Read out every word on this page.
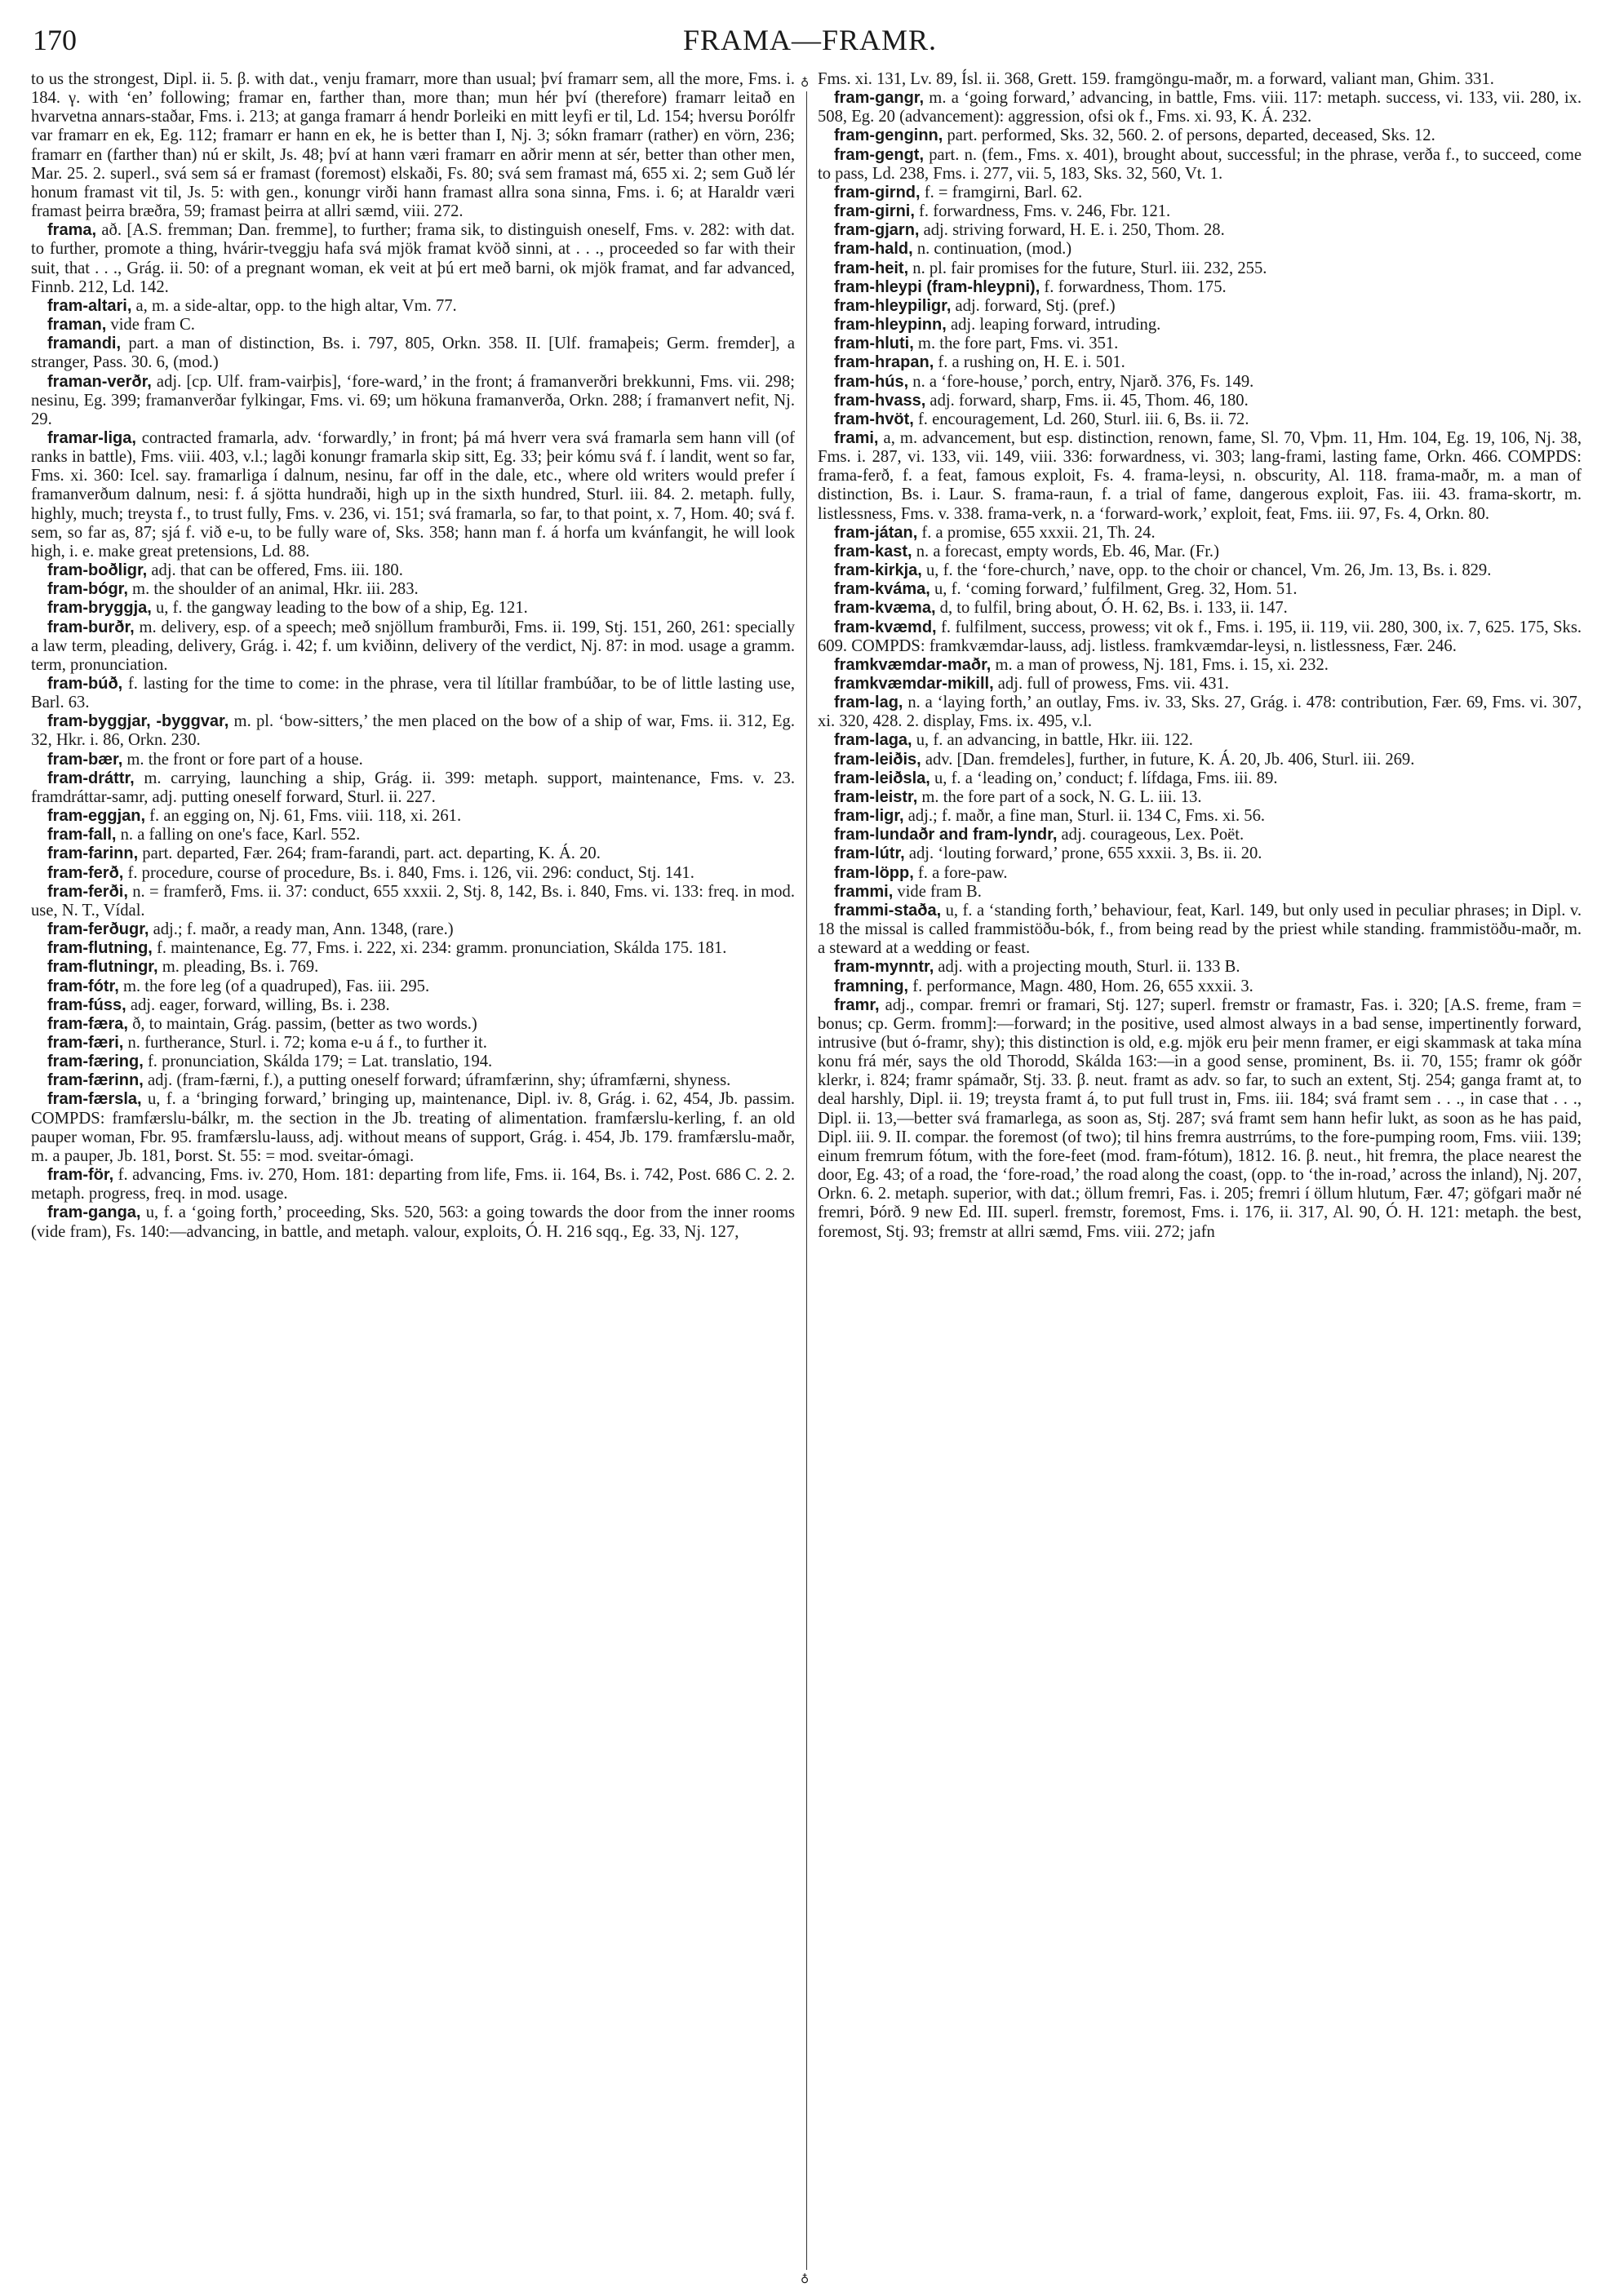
170	FRAMA—FRAMR.

to us the strongest, Dipl. ii. 5. β. with dat., venju framarr, more than usual; því framarr sem, all the more, Fms. i. 184. γ. with ‘en’ following; framar en, farther than, more than; mun hér því (therefore) framarr leitað en hvarvetna annars-staðar, Fms. i. 213; at ganga framarr á hendr Þorleiki en mitt leyfi er til, Ld. 154; hversu Þorólfr var framarr en ek, Eg. 112; framarr er hann en ek, he is better than I, Nj. 3; sókn framarr (rather) en vörn, 236; framarr en (farther than) nú er skilt, Js. 48; því at hann væri framarr en aðrir menn at sér, better than other men, Mar. 25. 2. superl., svá sem sá er framast (foremost) elskaði, Fs. 80; svá sem framast má, 655 xi. 2; sem Guð lér honum framast vit til, Js. 5: with gen., konungr virði hann framast allra sona sinna, Fms. i. 6; at Haraldr væri framast þeirra bræðra, 59; framast þeirra at allri sæmd, viii. 272.

frama, að. [A.S. fremman; Dan. fremme], to further; frama sik, to distinguish oneself, Fms. v. 282: with dat. to further, promote a thing, hvárir-tveggju hafa svá mjök framat kvöð sinni, at . . ., proceeded so far with their suit, that . . ., Grág. ii. 50: of a pregnant woman, ek veit at þú ert með barni, ok mjök framat, and far advanced, Finnb. 212, Ld. 142.

fram-altari, a, m. a side-altar, opp. to the high altar, Vm. 77.

framan, vide fram C.

framandi, part. a man of distinction, Bs. i. 797, 805, Orkn. 358. II. [Ulf. framaþeis; Germ. fremder], a stranger, Pass. 30. 6, (mod.)

framan-verðr, adj. [cp. Ulf. fram-vairþis], ‘fore-ward,’ in the front; á framanverðri brekkunni, Fms. vii. 298; nesinu, Eg. 399; framanverðar fylkingar, Fms. vi. 69; um hökuna framanverða, Orkn. 288; í framanvert nefit, Nj. 29.

framar-liga, contracted framarla, adv. ‘forwardly,’ in front; þá má hverr vera svá framarla sem hann vill (of ranks in battle), Fms. viii. 403, v.l.; lagði konungr framarla skip sitt, Eg. 33; þeir kómu svá f. í landit, went so far, Fms. xi. 360: Icel. say. framarliga í dalnum, nesinu, far off in the dale, etc., where old writers would prefer í framanverðum dalnum, nesi: f. á sjötta hundraði, high up in the sixth hundred, Sturl. iii. 84. 2. metaph. fully, highly, much; treysta f., to trust fully, Fms. v. 236, vi. 151; svá framarla, so far, to that point, x. 7, Hom. 40; svá f. sem, so far as, 87; sjá f. við e-u, to be fully ware of, Sks. 358; hann man f. á horfa um kvánfangit, he will look high, i. e. make great pretensions, Ld. 88.

fram-boðligr, adj. that can be offered, Fms. iii. 180.

fram-bógr, m. the shoulder of an animal, Hkr. iii. 283.

fram-bryggja, u, f. the gangway leading to the bow of a ship, Eg. 121.

fram-burðr, m. delivery, esp. of a speech; með snjöllum framburði, Fms. ii. 199, Stj. 151, 260, 261: specially a law term, pleading, delivery, Grág. i. 42; f. um kviðinn, delivery of the verdict, Nj. 87: in mod. usage a gramm. term, pronunciation.

fram-búð, f. lasting for the time to come: in the phrase, vera til lítillar frambúðar, to be of little lasting use, Barl. 63.

fram-byggjar, -byggvar, m. pl. ‘bow-sitters,’ the men placed on the bow of a ship of war, Fms. ii. 312, Eg. 32, Hkr. i. 86, Orkn. 230.

fram-bær, m. the front or fore part of a house.

fram-dráttr, m. carrying, launching a ship, Grág. ii. 399: metaph. support, maintenance, Fms. v. 23. framdráttar-samr, adj. putting oneself forward, Sturl. ii. 227.

fram-eggjan, f. an egging on, Nj. 61, Fms. viii. 118, xi. 261.

fram-fall, n. a falling on one's face, Karl. 552.

fram-farinn, part. departed, Fær. 264; fram-farandi, part. act. departing, K. Á. 20.

fram-ferð, f. procedure, course of procedure, Bs. i. 840, Fms. i. 126, vii. 296: conduct, Stj. 141.

fram-ferði, n. = framferð, Fms. ii. 37: conduct, 655 xxxii. 2, Stj. 8, 142, Bs. i. 840, Fms. vi. 133: freq. in mod. use, N. T., Vídal.

fram-ferðugr, adj.; f. maðr, a ready man, Ann. 1348, (rare.)

fram-flutning, f. maintenance, Eg. 77, Fms. i. 222, xi. 234: gramm. pronunciation, Skálda 175. 181.

fram-flutningr, m. pleading, Bs. i. 769.

fram-fótr, m. the fore leg (of a quadruped), Fas. iii. 295.

fram-fúss, adj. eager, forward, willing, Bs. i. 238.

fram-færa, ð, to maintain, Grág. passim, (better as two words.)

fram-færi, n. furtherance, Sturl. i. 72; koma e-u á f., to further it.

fram-færing, f. pronunciation, Skálda 179; = Lat. translatio, 194.

fram-færinn, adj. (fram-færni, f.), a putting oneself forward; úframfærinn, shy; úframfærni, shyness.

fram-færsla, u, f. a ‘bringing forward,’ bringing up, maintenance, Dipl. iv. 8, Grág. i. 62, 454, Jb. passim. COMPDS: framfærslu-bálkr, m. the section in the Jb. treating of alimentation. framfærslu-kerling, f. an old pauper woman, Fbr. 95. framfærslu-lauss, adj. without means of support, Grág. i. 454, Jb. 179. framfærslu-maðr, m. a pauper, Jb. 181, Þorst. St. 55: = mod. sveitar-ómagi.

fram-för, f. advancing, Fms. iv. 270, Hom. 181: departing from life, Fms. ii. 164, Bs. i. 742, Post. 686 C. 2. 2. metaph. progress, freq. in mod. usage.

fram-ganga, u, f. a ‘going forth,’ proceeding, Sks. 520, 563: a going towards the door from the inner rooms (vide fram), Fs. 140:—advancing, in battle, and metaph. valour, exploits, Ó. H. 216 sqq., Eg. 33, Nj. 127,

♁
♁

Fms. xi. 131, Lv. 89, Ísl. ii. 368, Grett. 159. framgöngu-maðr, m. a forward, valiant man, Ghim. 331.

fram-gangr, m. a ‘going forward,’ advancing, in battle, Fms. viii. 117: metaph. success, vi. 133, vii. 280, ix. 508, Eg. 20 (advancement): aggression, ofsi ok f., Fms. xi. 93, K. Á. 232.

fram-genginn, part. performed, Sks. 32, 560. 2. of persons, departed, deceased, Sks. 12.

fram-gengt, part. n. (fem., Fms. x. 401), brought about, successful; in the phrase, verða f., to succeed, come to pass, Ld. 238, Fms. i. 277, vii. 5, 183, Sks. 32, 560, Vt. 1.

fram-girnd, f. = framgirni, Barl. 62.

fram-girni, f. forwardness, Fms. v. 246, Fbr. 121.

fram-gjarn, adj. striving forward, H. E. i. 250, Thom. 28.

fram-hald, n. continuation, (mod.)

fram-heit, n. pl. fair promises for the future, Sturl. iii. 232, 255.

fram-hleypi (fram-hleypni), f. forwardness, Thom. 175.

fram-hleypiligr, adj. forward, Stj. (pref.)

fram-hleypinn, adj. leaping forward, intruding.

fram-hluti, m. the fore part, Fms. vi. 351.

fram-hrapan, f. a rushing on, H. E. i. 501.

fram-hús, n. a ‘fore-house,’ porch, entry, Njarð. 376, Fs. 149.

fram-hvass, adj. forward, sharp, Fms. ii. 45, Thom. 46, 180.

fram-hvöt, f. encouragement, Ld. 260, Sturl. iii. 6, Bs. ii. 72.

frami, a, m. advancement, but esp. distinction, renown, fame, Sl. 70, Vþm. 11, Hm. 104, Eg. 19, 106, Nj. 38, Fms. i. 287, vi. 133, vii. 149, viii. 336: forwardness, vi. 303; lang-frami, lasting fame, Orkn. 466. COMPDS: frama-ferð, f. a feat, famous exploit, Fs. 4. frama-leysi, n. obscurity, Al. 118. frama-maðr, m. a man of distinction, Bs. i. Laur. S. frama-raun, f. a trial of fame, dangerous exploit, Fas. iii. 43. frama-skortr, m. listlessness, Fms. v. 338. frama-verk, n. a ‘forward-work,’ exploit, feat, Fms. iii. 97, Fs. 4, Orkn. 80.

fram-játan, f. a promise, 655 xxxii. 21, Th. 24.

fram-kast, n. a forecast, empty words, Eb. 46, Mar. (Fr.)

fram-kirkja, u, f. the ‘fore-church,’ nave, opp. to the choir or chancel, Vm. 26, Jm. 13, Bs. i. 829.

fram-kváma, u, f. ‘coming forward,’ fulfilment, Greg. 32, Hom. 51.

fram-kvæma, d, to fulfil, bring about, Ó. H. 62, Bs. i. 133, ii. 147.

fram-kvæmd, f. fulfilment, success, prowess; vit ok f., Fms. i. 195, ii. 119, vii. 280, 300, ix. 7, 625. 175, Sks. 609. COMPDS: framkvæmdar-lauss, adj. listless. framkvæmdar-leysi, n. listlessness, Fær. 246.

framkvæmdar-maðr, m. a man of prowess, Nj. 181, Fms. i. 15, xi. 232.

framkvæmdar-mikill, adj. full of prowess, Fms. vii. 431.

fram-lag, n. a ‘laying forth,’ an outlay, Fms. iv. 33, Sks. 27, Grág. i. 478: contribution, Fær. 69, Fms. vi. 307, xi. 320, 428. 2. display, Fms. ix. 495, v.l.

fram-laga, u, f. an advancing, in battle, Hkr. iii. 122.

fram-leiðis, adv. [Dan. fremdeles], further, in future, K. Á. 20, Jb. 406, Sturl. iii. 269.

fram-leiðsla, u, f. a ‘leading on,’ conduct; f. lífdaga, Fms. iii. 89.

fram-leistr, m. the fore part of a sock, N. G. L. iii. 13.

fram-ligr, adj.; f. maðr, a fine man, Sturl. ii. 134 C, Fms. xi. 56.

fram-lundaðr and fram-lyndr, adj. courageous, Lex. Poët.

fram-lútr, adj. ‘louting forward,’ prone, 655 xxxii. 3, Bs. ii. 20.

fram-löpp, f. a fore-paw.

frammi, vide fram B.

frammi-staða, u, f. a ‘standing forth,’ behaviour, feat, Karl. 149, but only used in peculiar phrases; in Dipl. v. 18 the missal is called frammistöðu-bók, f., from being read by the priest while standing. frammistöðu-maðr, m. a steward at a wedding or feast.

fram-mynntr, adj. with a projecting mouth, Sturl. ii. 133 B.

framning, f. performance, Magn. 480, Hom. 26, 655 xxxii. 3.

framr, adj., compar. fremri or framari, Stj. 127; superl. fremstr or framastr, Fas. i. 320; [A.S. freme, fram = bonus; cp. Germ. fromm]:—forward; in the positive, used almost always in a bad sense, impertinently forward, intrusive (but ó-framr, shy); this distinction is old, e.g. mjök eru þeir menn framer, er eigi skammask at taka mína konu frá mér, says the old Thorodd, Skálda 163:—in a good sense, prominent, Bs. ii. 70, 155; framr ok góðr klerkr, i. 824; framr spámaðr, Stj. 33. β. neut. framt as adv. so far, to such an extent, Stj. 254; ganga framt at, to deal harshly, Dipl. ii. 19; treysta framt á, to put full trust in, Fms. iii. 184; svá framt sem . . ., in case that . . ., Dipl. ii. 13,—better svá framarlega, as soon as, Stj. 287; svá framt sem hann hefir lukt, as soon as he has paid, Dipl. iii. 9. II. compar. the foremost (of two); til hins fremra austrrúms, to the fore-pumping room, Fms. viii. 139; einum fremrum fótum, with the fore-feet (mod. fram-fótum), 1812. 16. β. neut., hit fremra, the place nearest the door, Eg. 43; of a road, the ‘fore-road,’ the road along the coast, (opp. to ‘the in-road,’ across the inland), Nj. 207, Orkn. 6. 2. metaph. superior, with dat.; öllum fremri, Fas. i. 205; fremri í öllum hlutum, Fær. 47; göfgari maðr né fremri, Þórð. 9 new Ed. III. superl. fremstr, foremost, Fms. i. 176, ii. 317, Al. 90, Ó. H. 121: metaph. the best, foremost, Stj. 93; fremstr at allri sæmd, Fms. viii. 272; jafn
